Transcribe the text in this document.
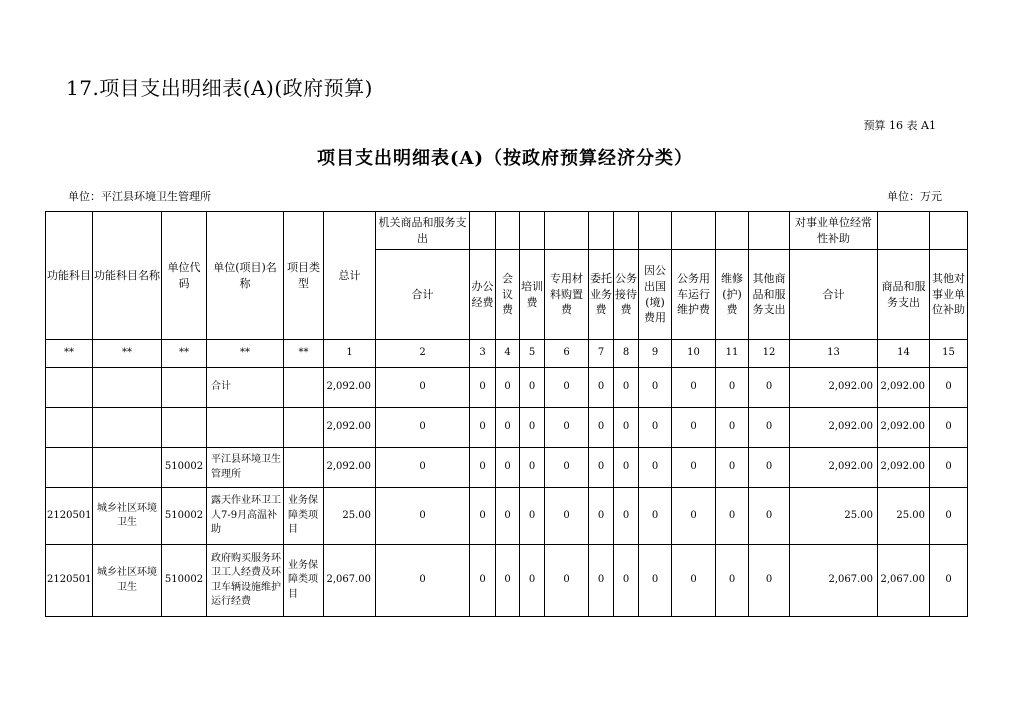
17.项目支出明细表(A)(政府预算)
预算 16 表 A1
项目支出明细表(A)（按政府预算经济分类）
单位：平江县环境卫生管理所	单位：万元
功能科目	功能科目名称	单位代码	单位(项目)名称	项目类型	总计	机关商品和服务支出											对事业单位经常性补助		
						合计	办公经费	会议费	培训费	专用材料购置费	委托业务费	公务接待费	因公出国(境)费用	公务用车运行维护费	维修(护)费	其他商品和服务支出	合计	商品和服务支出	其他对事业单位补助
**	**	**	**	**	1	2	3	4	5	6	7	8	9	10	11	12	13	14	15
			合计		2,092.00	0	0	0	0	0	0	0	0	0	0	0	2,092.00	2,092.00	0
					2,092.00	0	0	0	0	0	0	0	0	0	0	0	2,092.00	2,092.00	0
		510002	平江县环境卫生管理所		2,092.00	0	0	0	0	0	0	0	0	0	0	0	2,092.00	2,092.00	0
2120501	城乡社区环境卫生	510002	露天作业环卫工人7-9月高温补助	业务保障类项目	25.00	0	0	0	0	0	0	0	0	0	0	0	25.00	25.00	0
2120501	城乡社区环境卫生	510002	政府购买服务环卫工人经费及环卫车辆设施维护运行经费	业务保障类项目	2,067.00	0	0	0	0	0	0	0	0	0	0	0	2,067.00	2,067.00	0
